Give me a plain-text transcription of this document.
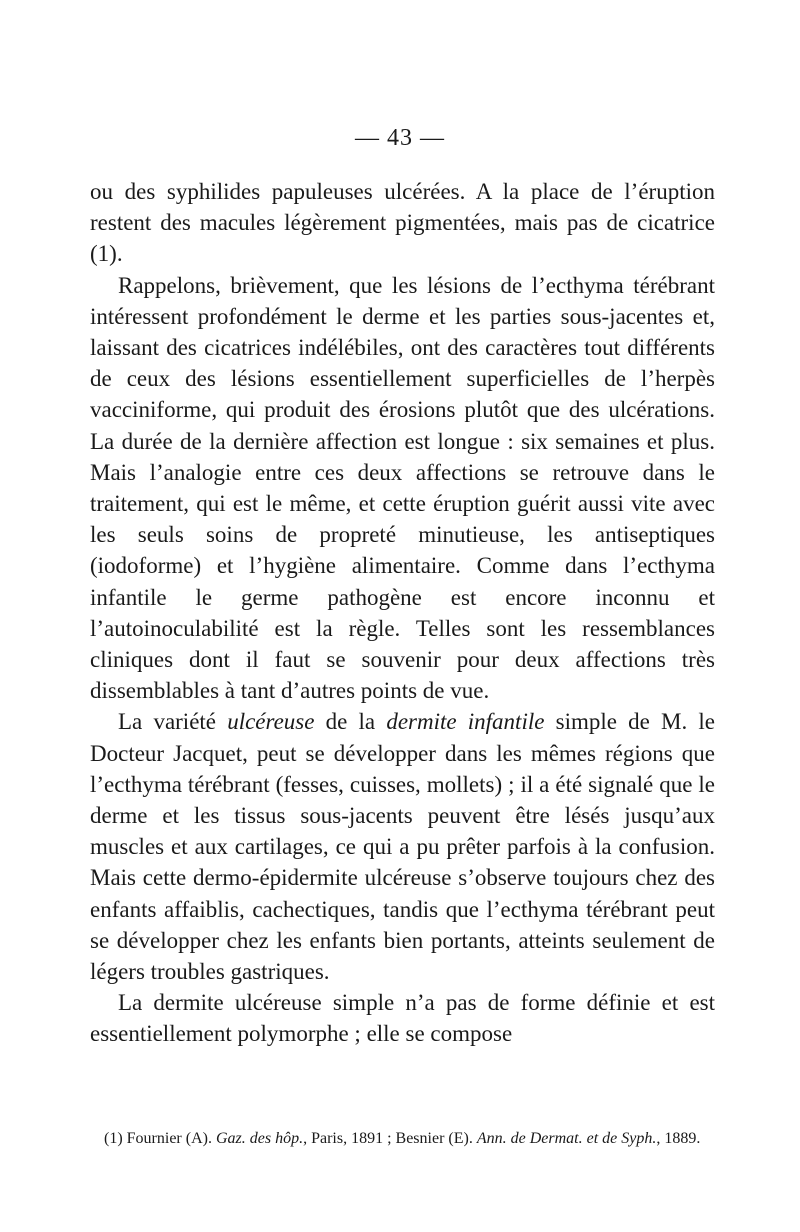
— 43 —

ou des syphilides papuleuses ulcérées. A la place de l’éruption restent des macules légèrement pigmentées, mais pas de cicatrice (1).

Rappelons, brièvement, que les lésions de l’ecthyma térébrant intéressent profondément le derme et les parties sous-jacentes et, laissant des cicatrices indélébiles, ont des caractères tout différents de ceux des lésions essentiellement superficielles de l’herpès vacciniforme, qui produit des érosions plutôt que des ulcérations. La durée de la dernière affection est longue : six semaines et plus. Mais l’analogie entre ces deux affections se retrouve dans le traitement, qui est le même, et cette éruption guérit aussi vite avec les seuls soins de propreté minutieuse, les antiseptiques (iodoforme) et l’hygiène alimentaire. Comme dans l’ecthyma infantile le germe pathogène est encore inconnu et l’autoinoculabilité est la règle. Telles sont les ressemblances cliniques dont il faut se souvenir pour deux affections très dissemblables à tant d’autres points de vue.

La variété ulcéreuse de la dermite infantile simple de M. le Docteur Jacquet, peut se développer dans les mêmes régions que l’ecthyma térébrant (fesses, cuisses, mollets) ; il a été signalé que le derme et les tissus sous-jacents peuvent être lésés jusqu’aux muscles et aux cartilages, ce qui a pu prêter parfois à la confusion. Mais cette dermo-épidermite ulcéreuse s’observe toujours chez des enfants affaiblis, cachectiques, tandis que l’ecthyma térébrant peut se développer chez les enfants bien portants, atteints seulement de légers troubles gastriques.

La dermite ulcéreuse simple n’a pas de forme définie et est essentiellement polymorphe ; elle se compose

(1) Fournier (A). Gaz. des hôp., Paris, 1891 ; Besnier (E). Ann. de Dermat. et de Syph., 1889.
